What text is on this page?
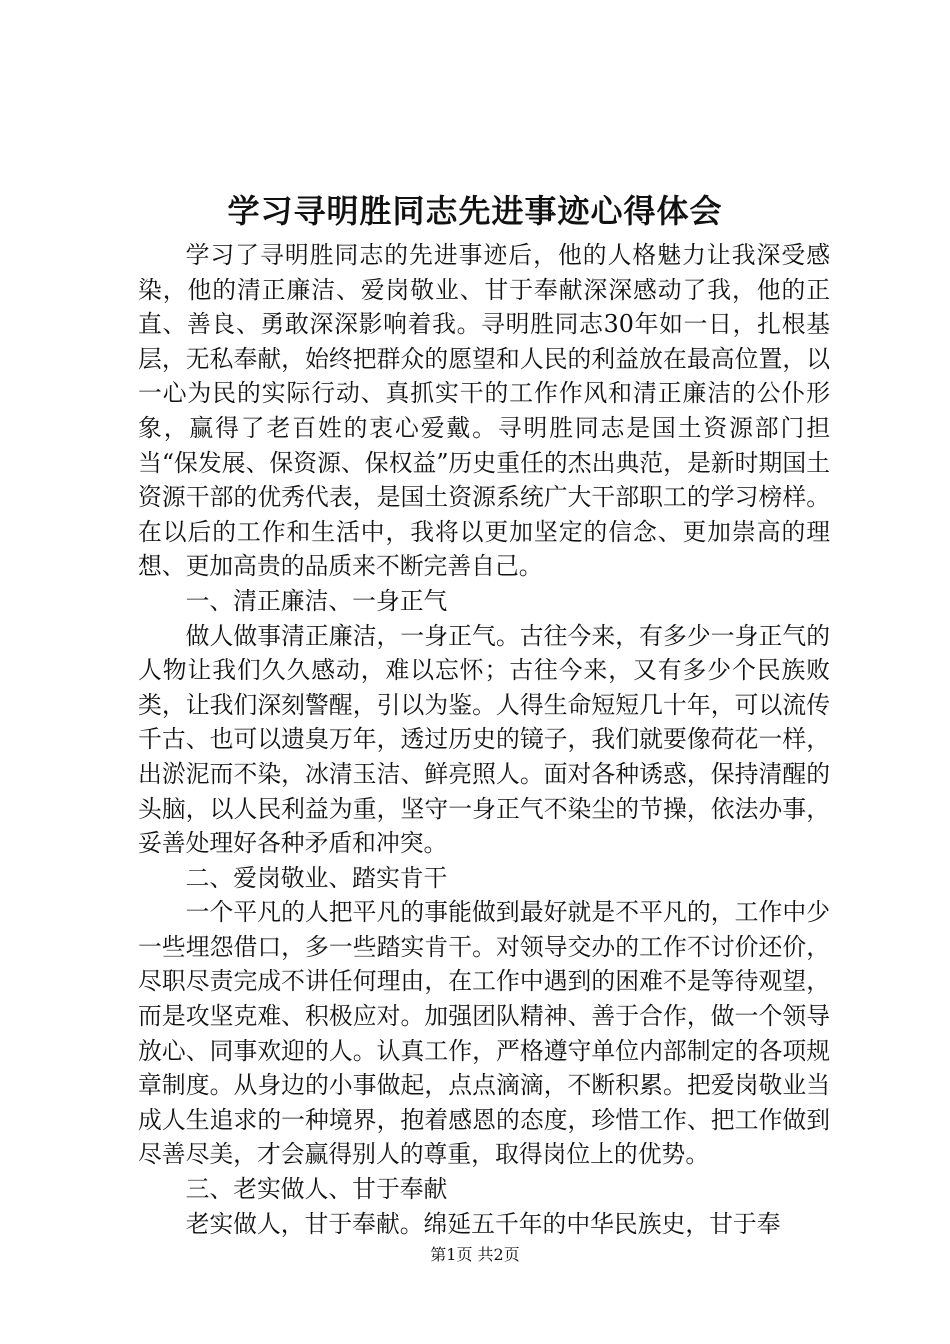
学习寻明胜同志先进事迹心得体会

学习了寻明胜同志的先进事迹后，他的人格魅力让我深受感染，他的清正廉洁、爱岗敬业、甘于奉献深深感动了我，他的正直、善良、勇敢深深影响着我。寻明胜同志30年如一日，扎根基层，无私奉献，始终把群众的愿望和人民的利益放在最高位置，以一心为民的实际行动、真抓实干的工作作风和清正廉洁的公仆形象，赢得了老百姓的衷心爱戴。寻明胜同志是国土资源部门担当“保发展、保资源、保权益”历史重任的杰出典范，是新时期国土资源干部的优秀代表，是国土资源系统广大干部职工的学习榜样。在以后的工作和生活中，我将以更加坚定的信念、更加崇高的理想、更加高贵的品质来不断完善自己。

一、清正廉洁、一身正气

做人做事清正廉洁，一身正气。古往今来，有多少一身正气的人物让我们久久感动，难以忘怀；古往今来，又有多少个民族败类，让我们深刻警醒，引以为鉴。人得生命短短几十年，可以流传千古、也可以遗臭万年，透过历史的镜子，我们就要像荷花一样，出淤泥而不染，冰清玉洁、鲜亮照人。面对各种诱惑，保持清醒的头脑，以人民利益为重，坚守一身正气不染尘的节操，依法办事，妥善处理好各种矛盾和冲突。

二、爱岗敬业、踏实肯干

一个平凡的人把平凡的事能做到最好就是不平凡的，工作中少一些埋怨借口，多一些踏实肯干。对领导交办的工作不讨价还价，尽职尽责完成不讲任何理由，在工作中遇到的困难不是等待观望，而是攻坚克难、积极应对。加强团队精神、善于合作，做一个领导放心、同事欢迎的人。认真工作，严格遵守单位内部制定的各项规章制度。从身边的小事做起，点点滴滴，不断积累。把爱岗敬业当成人生追求的一种境界，抱着感恩的态度，珍惜工作、把工作做到尽善尽美，才会赢得别人的尊重，取得岗位上的优势。

三、老实做人、甘于奉献

老实做人，甘于奉献。绵延五千年的中华民族史，甘于奉

第1页 共2页
